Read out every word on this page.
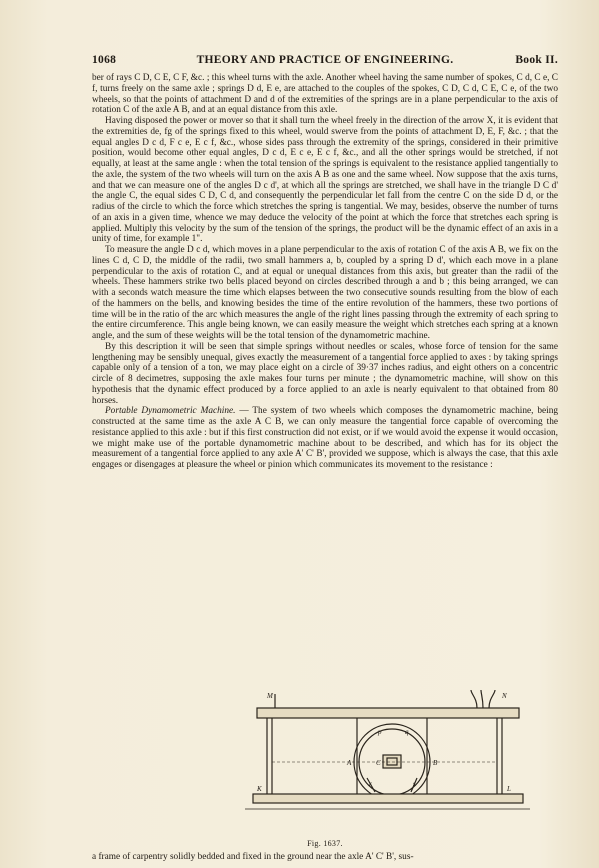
1068	THEORY AND PRACTICE OF ENGINEERING.	Book II.

ber of rays C D, C E, C F, &c. ; this wheel turns with the axle. Another wheel having the same number of spokes, C d, C e, C f, turns freely on the same axle ; springs D d, E e, are attached to the couples of the spokes, C D, C d, C E, C e, of the two wheels, so that the points of attachment D and d of the extremities of the springs are in a plane perpendicular to the axis of rotation C of the axle A B, and at an equal distance from this axle.

Having disposed the power or mover so that it shall turn the wheel freely in the direction of the arrow X, it is evident that the extremities de, fg of the springs fixed to this wheel, would swerve from the points of attachment D, E, F, &c. ; that the equal angles D c d, F c e, E c f, &c., whose sides pass through the extremity of the springs, considered in their primitive position, would become other equal angles, D c d, E c e, E c f, &c., and all the other springs would be stretched, if not equally, at least at the same angle : when the total tension of the springs is equivalent to the resistance applied tangentially to the axle, the system of the two wheels will turn on the axis A B as one and the same wheel. Now suppose that the axis turns, and that we can measure one of the angles D c d', at which all the springs are stretched, we shall have in the triangle D C d' the angle C, the equal sides C D, C d, and consequently the perpendicular let fall from the centre C on the side D d, or the radius of the circle to which the force which stretches the spring is tangential. We may, besides, observe the number of turns of an axis in a given time, whence we may deduce the velocity of the point at which the force that stretches each spring is applied. Multiply this velocity by the sum of the tension of the springs, the product will be the dynamic effect of an axis in a unity of time, for example 1".

To measure the angle D c d, which moves in a plane perpendicular to the axis of rotation C of the axis A B, we fix on the lines C d, C D, the middle of the radii, two small hammers a, b, coupled by a spring D d', which each move in a plane perpendicular to the axis of rotation C, and at equal or unequal distances from this axis, but greater than the radii of the wheels. These hammers strike two bells placed beyond on circles described through a and b ; this being arranged, we can with a seconds watch measure the time which elapses between the two consecutive sounds resulting from the blow of each of the hammers on the bells, and knowing besides the time of the entire revolution of the hammers, these two portions of time will be in the ratio of the arc which measures the angle of the right lines passing through the extremity of each spring to the entire circumference. This angle being known, we can easily measure the weight which stretches each spring at a known angle, and the sum of these weights will be the total tension of the dynamometric machine.

By this description it will be seen that simple springs without needles or scales, whose force of tension for the same lengthening may be sensibly unequal, gives exactly the measurement of a tangential force applied to axes : by taking springs capable only of a tension of a ton, we may place eight on a circle of 39·37 inches radius, and eight others on a concentric circle of 8 decimetres, supposing the axle makes four turns per minute ; the dynamometric machine, will show on this hypothesis that the dynamic effect produced by a force applied to an axle is nearly equivalent to that obtained from 80 horses.

Portable Dynamometric Machine. — The system of two wheels which composes the dynamometric machine, being constructed at the same time as the axle A C B, we can only measure the tangential force capable of overcoming the resistance applied to this axle : but if this first construction did not exist, or if we would avoid the expense it would occasion, we might make use of the portable dynamometric machine about to be described, and which has for its object the measurement of a tangential force applied to any axle A' C' B', provided we suppose, which is always the case, that this axle engages or disengages at pleasure the wheel or pinion which communicates its movement to the resistance :

M	N
p	q
A	C	B
r	s
K	L
Fig. 1637.
a frame of carpentry solidly bedded and fixed in the ground near the axle A' C' B', sus-
